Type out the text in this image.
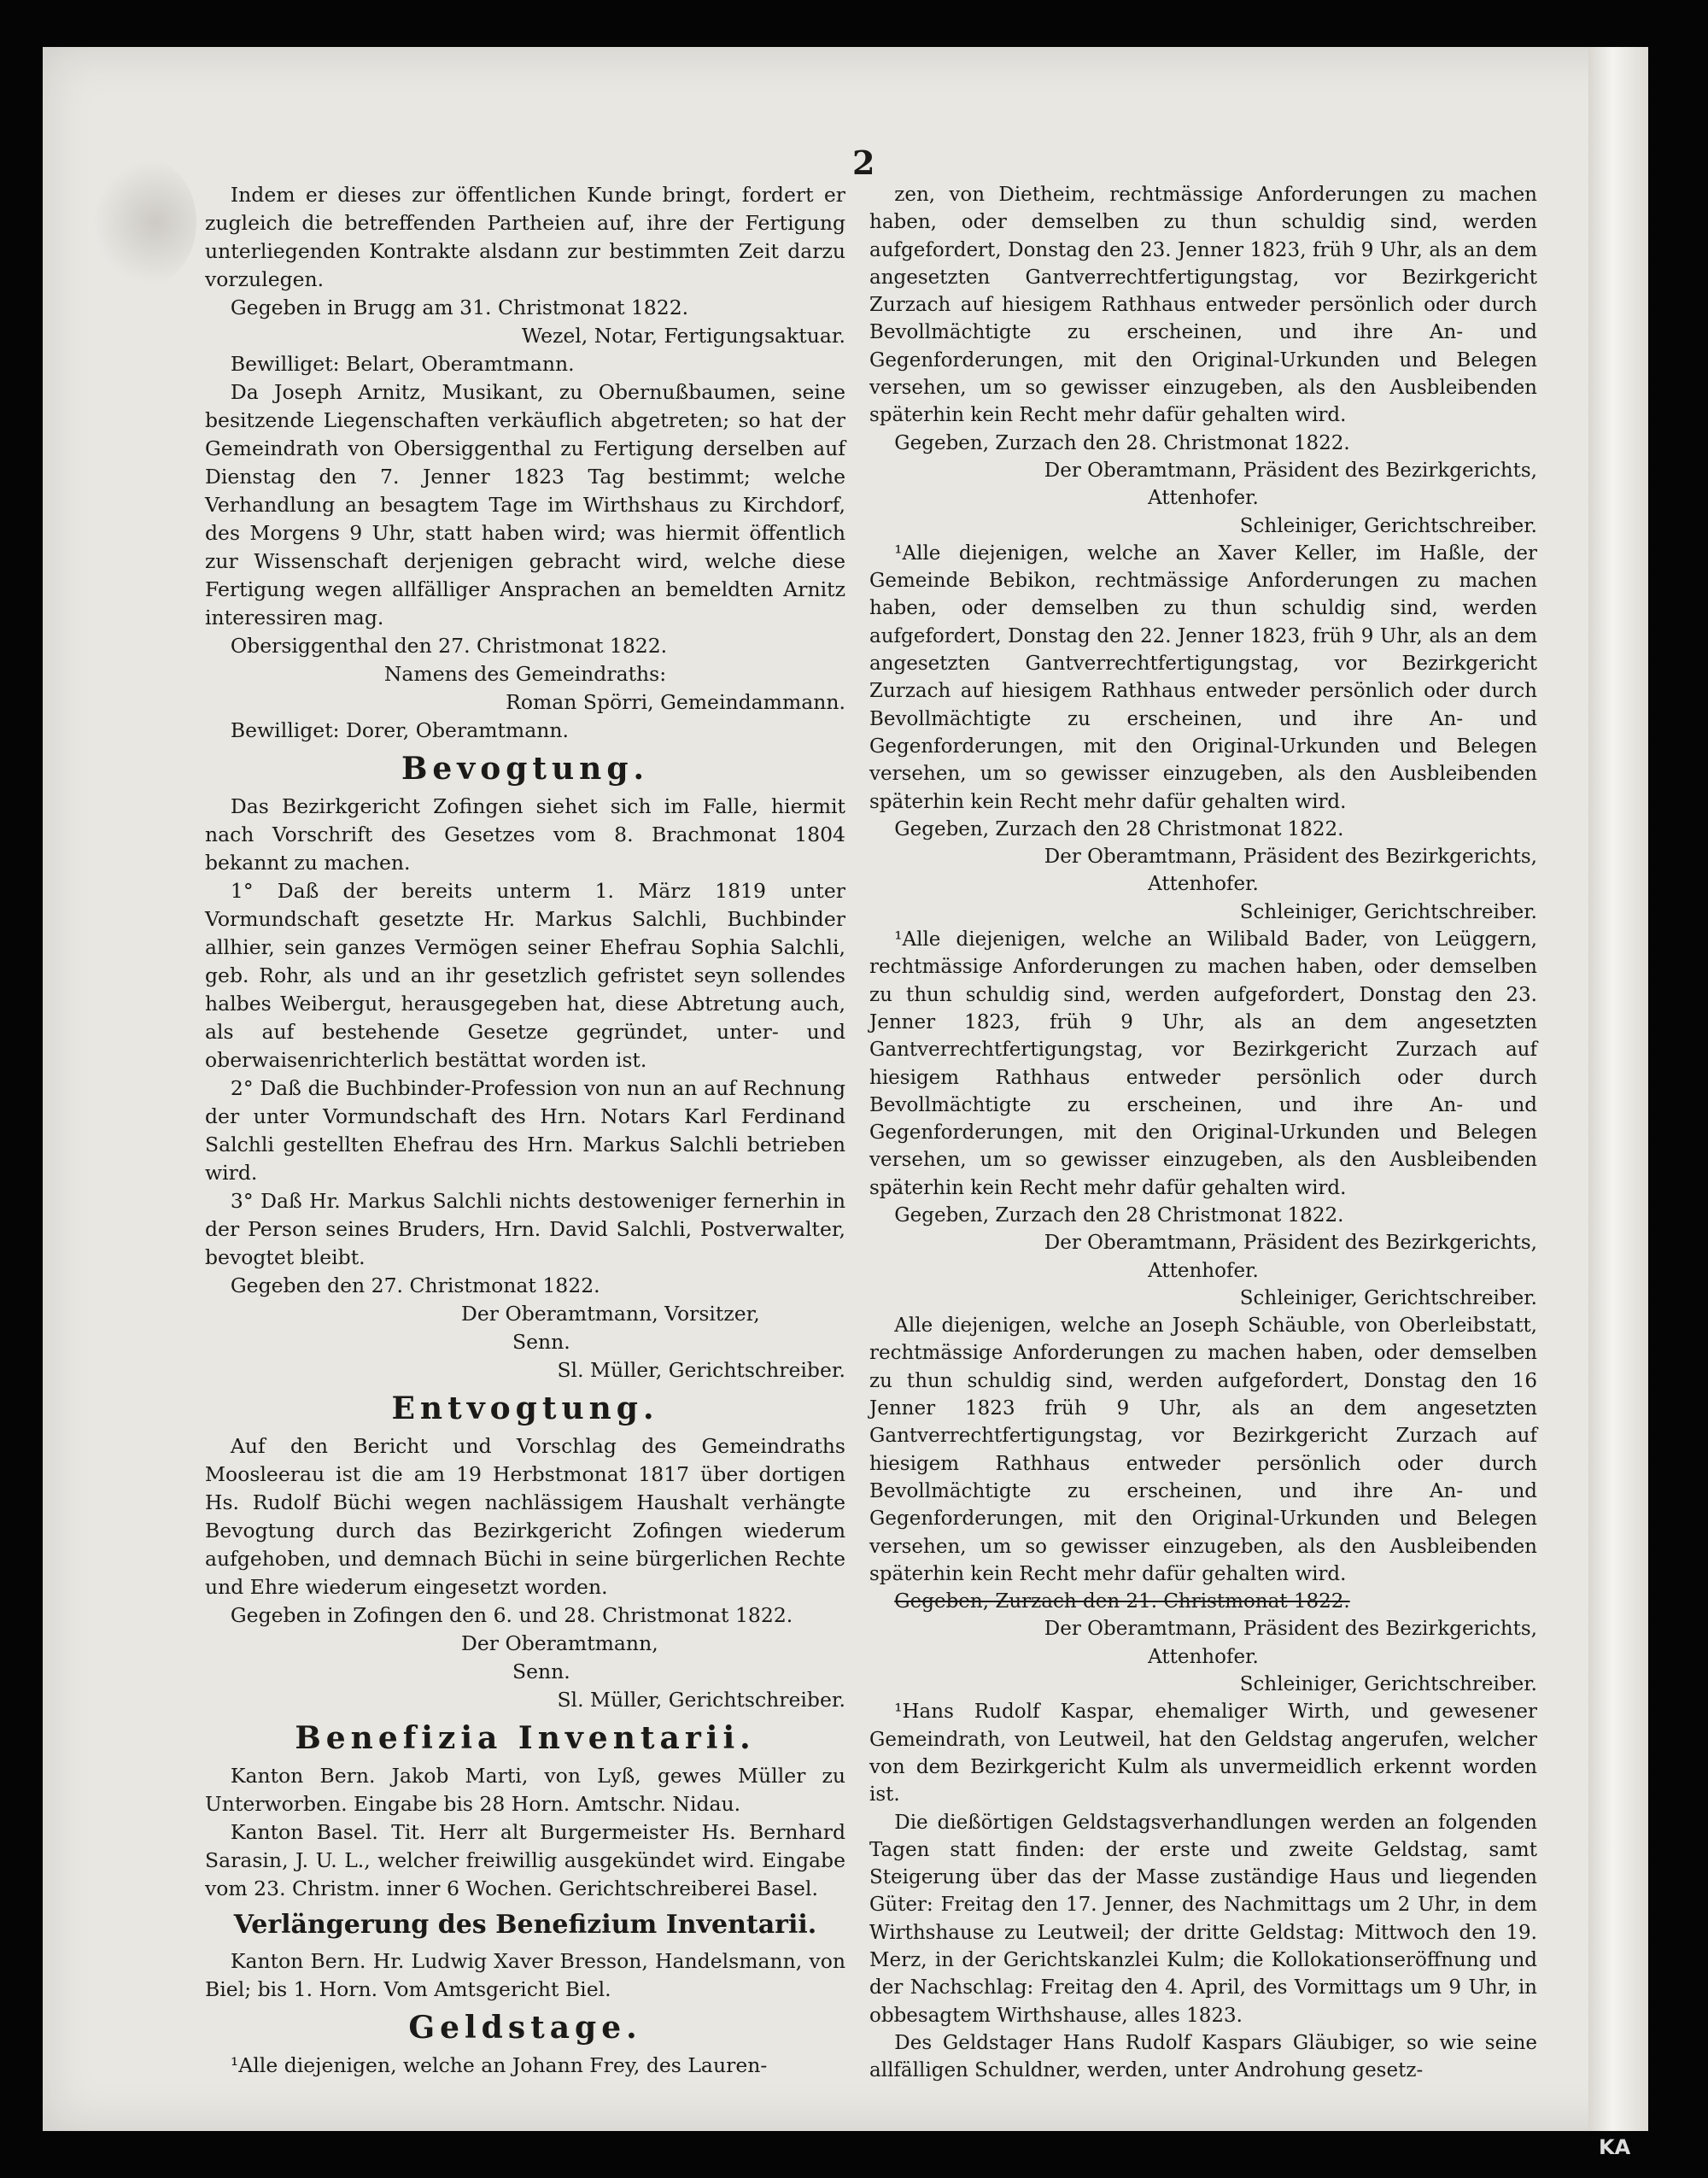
2

Indem er dieses zur öffentlichen Kunde bringt, fordert er zugleich die betreffenden Partheien auf, ihre der Fertigung unterliegenden Kontrakte alsdann zur bestimmten Zeit darzu vorzulegen.

Gegeben in Brugg am 31. Christmonat 1822.

Wezel, Notar, Fertigungsaktuar.

Bewilliget: Belart, Oberamtmann.

Da Joseph Arnitz, Musikant, zu Obernußbaumen, seine besitzende Liegenschaften verkäuflich abgetreten; so hat der Gemeindrath von Obersiggenthal zu Fertigung derselben auf Dienstag den 7. Jenner 1823 Tag bestimmt; welche Verhandlung an besagtem Tage im Wirthshaus zu Kirchdorf, des Morgens 9 Uhr, statt haben wird; was hiermit öffentlich zur Wissenschaft derjenigen gebracht wird, welche diese Fertigung wegen allfälliger Ansprachen an bemeldten Arnitz interessiren mag.

Obersiggenthal den 27. Christmonat 1822.

Namens des Gemeindraths:

Roman Spörri, Gemeindammann.

Bewilliget: Dorer, Oberamtmann.

Bevogtung.

Das Bezirkgericht Zofingen siehet sich im Falle, hiermit nach Vorschrift des Gesetzes vom 8. Brachmonat 1804 bekannt zu machen.

1° Daß der bereits unterm 1. März 1819 unter Vormundschaft gesetzte Hr. Markus Salchli, Buchbinder allhier, sein ganzes Vermögen seiner Ehefrau Sophia Salchli, geb. Rohr, als und an ihr gesetzlich gefristet seyn sollendes halbes Weibergut, herausgegeben hat, diese Abtretung auch, als auf bestehende Gesetze gegründet, unter- und oberwaisenrichterlich bestättat worden ist.

2° Daß die Buchbinder-Profession von nun an auf Rechnung der unter Vormundschaft des Hrn. Notars Karl Ferdinand Salchli gestellten Ehefrau des Hrn. Markus Salchli betrieben wird.

3° Daß Hr. Markus Salchli nichts destoweniger fernerhin in der Person seines Bruders, Hrn. David Salchli, Postverwalter, bevogtet bleibt.

Gegeben den 27. Christmonat 1822.

Der Oberamtmann, Vorsitzer,

Senn.

Sl. Müller, Gerichtschreiber.

Entvogtung.

Auf den Bericht und Vorschlag des Gemeindraths Moosleerau ist die am 19 Herbstmonat 1817 über dortigen Hs. Rudolf Büchi wegen nachlässigem Haushalt verhängte Bevogtung durch das Bezirkgericht Zofingen wiederum aufgehoben, und demnach Büchi in seine bürgerlichen Rechte und Ehre wiederum eingesetzt worden.

Gegeben in Zofingen den 6. und 28. Christmonat 1822.

Der Oberamtmann,

Senn.

Sl. Müller, Gerichtschreiber.

Benefizia Inventarii.

Kanton Bern. Jakob Marti, von Lyß, gewes Müller zu Unterworben. Eingabe bis 28 Horn. Amtschr. Nidau.

Kanton Basel. Tit. Herr alt Burgermeister Hs. Bernhard Sarasin, J. U. L., welcher freiwillig ausgekündet wird. Eingabe vom 23. Christm. inner 6 Wochen. Gerichtschreiberei Basel.

Verlängerung des Benefizium Inventarii.

Kanton Bern. Hr. Ludwig Xaver Bresson, Handelsmann, von Biel; bis 1. Horn. Vom Amtsgericht Biel.

Geldstage.

¹Alle diejenigen, welche an Johann Frey, des Lauren-

zen, von Dietheim, rechtmässige Anforderungen zu machen haben, oder demselben zu thun schuldig sind, werden aufgefordert, Donstag den 23. Jenner 1823, früh 9 Uhr, als an dem angesetzten Gantverrechtfertigungstag, vor Bezirkgericht Zurzach auf hiesigem Rathhaus entweder persönlich oder durch Bevollmächtigte zu erscheinen, und ihre An- und Gegenforderungen, mit den Original-Urkunden und Belegen versehen, um so gewisser einzugeben, als den Ausbleibenden späterhin kein Recht mehr dafür gehalten wird.

Gegeben, Zurzach den 28. Christmonat 1822.

Der Oberamtmann, Präsident des Bezirkgerichts,

Attenhofer.

Schleiniger, Gerichtschreiber.

¹Alle diejenigen, welche an Xaver Keller, im Haßle, der Gemeinde Bebikon, rechtmässige Anforderungen zu machen haben, oder demselben zu thun schuldig sind, werden aufgefordert, Donstag den 22. Jenner 1823, früh 9 Uhr, als an dem angesetzten Gantverrechtfertigungstag, vor Bezirkgericht Zurzach auf hiesigem Rathhaus entweder persönlich oder durch Bevollmächtigte zu erscheinen, und ihre An- und Gegenforderungen, mit den Original-Urkunden und Belegen versehen, um so gewisser einzugeben, als den Ausbleibenden späterhin kein Recht mehr dafür gehalten wird.

Gegeben, Zurzach den 28 Christmonat 1822.

Der Oberamtmann, Präsident des Bezirkgerichts,

Attenhofer.

Schleiniger, Gerichtschreiber.

¹Alle diejenigen, welche an Wilibald Bader, von Leüggern, rechtmässige Anforderungen zu machen haben, oder demselben zu thun schuldig sind, werden aufgefordert, Donstag den 23. Jenner 1823, früh 9 Uhr, als an dem angesetzten Gantverrechtfertigungstag, vor Bezirkgericht Zurzach auf hiesigem Rathhaus entweder persönlich oder durch Bevollmächtigte zu erscheinen, und ihre An- und Gegenforderungen, mit den Original-Urkunden und Belegen versehen, um so gewisser einzugeben, als den Ausbleibenden späterhin kein Recht mehr dafür gehalten wird.

Gegeben, Zurzach den 28 Christmonat 1822.

Der Oberamtmann, Präsident des Bezirkgerichts,

Attenhofer.

Schleiniger, Gerichtschreiber.

Alle diejenigen, welche an Joseph Schäuble, von Oberleibstatt, rechtmässige Anforderungen zu machen haben, oder demselben zu thun schuldig sind, werden aufgefordert, Donstag den 16 Jenner 1823 früh 9 Uhr, als an dem angesetzten Gantverrechtfertigungstag, vor Bezirkgericht Zurzach auf hiesigem Rathhaus entweder persönlich oder durch Bevollmächtigte zu erscheinen, und ihre An- und Gegenforderungen, mit den Original-Urkunden und Belegen versehen, um so gewisser einzugeben, als den Ausbleibenden späterhin kein Recht mehr dafür gehalten wird.

Gegeben, Zurzach den 21. Christmonat 1822.

Der Oberamtmann, Präsident des Bezirkgerichts,

Attenhofer.

Schleiniger, Gerichtschreiber.

¹Hans Rudolf Kaspar, ehemaliger Wirth, und gewesener Gemeindrath, von Leutweil, hat den Geldstag angerufen, welcher von dem Bezirkgericht Kulm als unvermeidlich erkennt worden ist.

Die dießörtigen Geldstagsverhandlungen werden an folgenden Tagen statt finden: der erste und zweite Geldstag, samt Steigerung über das der Masse zuständige Haus und liegenden Güter: Freitag den 17. Jenner, des Nachmittags um 2 Uhr, in dem Wirthshause zu Leutweil; der dritte Geldstag: Mittwoch den 19. Merz, in der Gerichtskanzlei Kulm; die Kollokationseröffnung und der Nachschlag: Freitag den 4. April, des Vormittags um 9 Uhr, in obbesagtem Wirthshause, alles 1823.

Des Geldstager Hans Rudolf Kaspars Gläubiger, so wie seine allfälligen Schuldner, werden, unter Androhung gesetz-

KA
